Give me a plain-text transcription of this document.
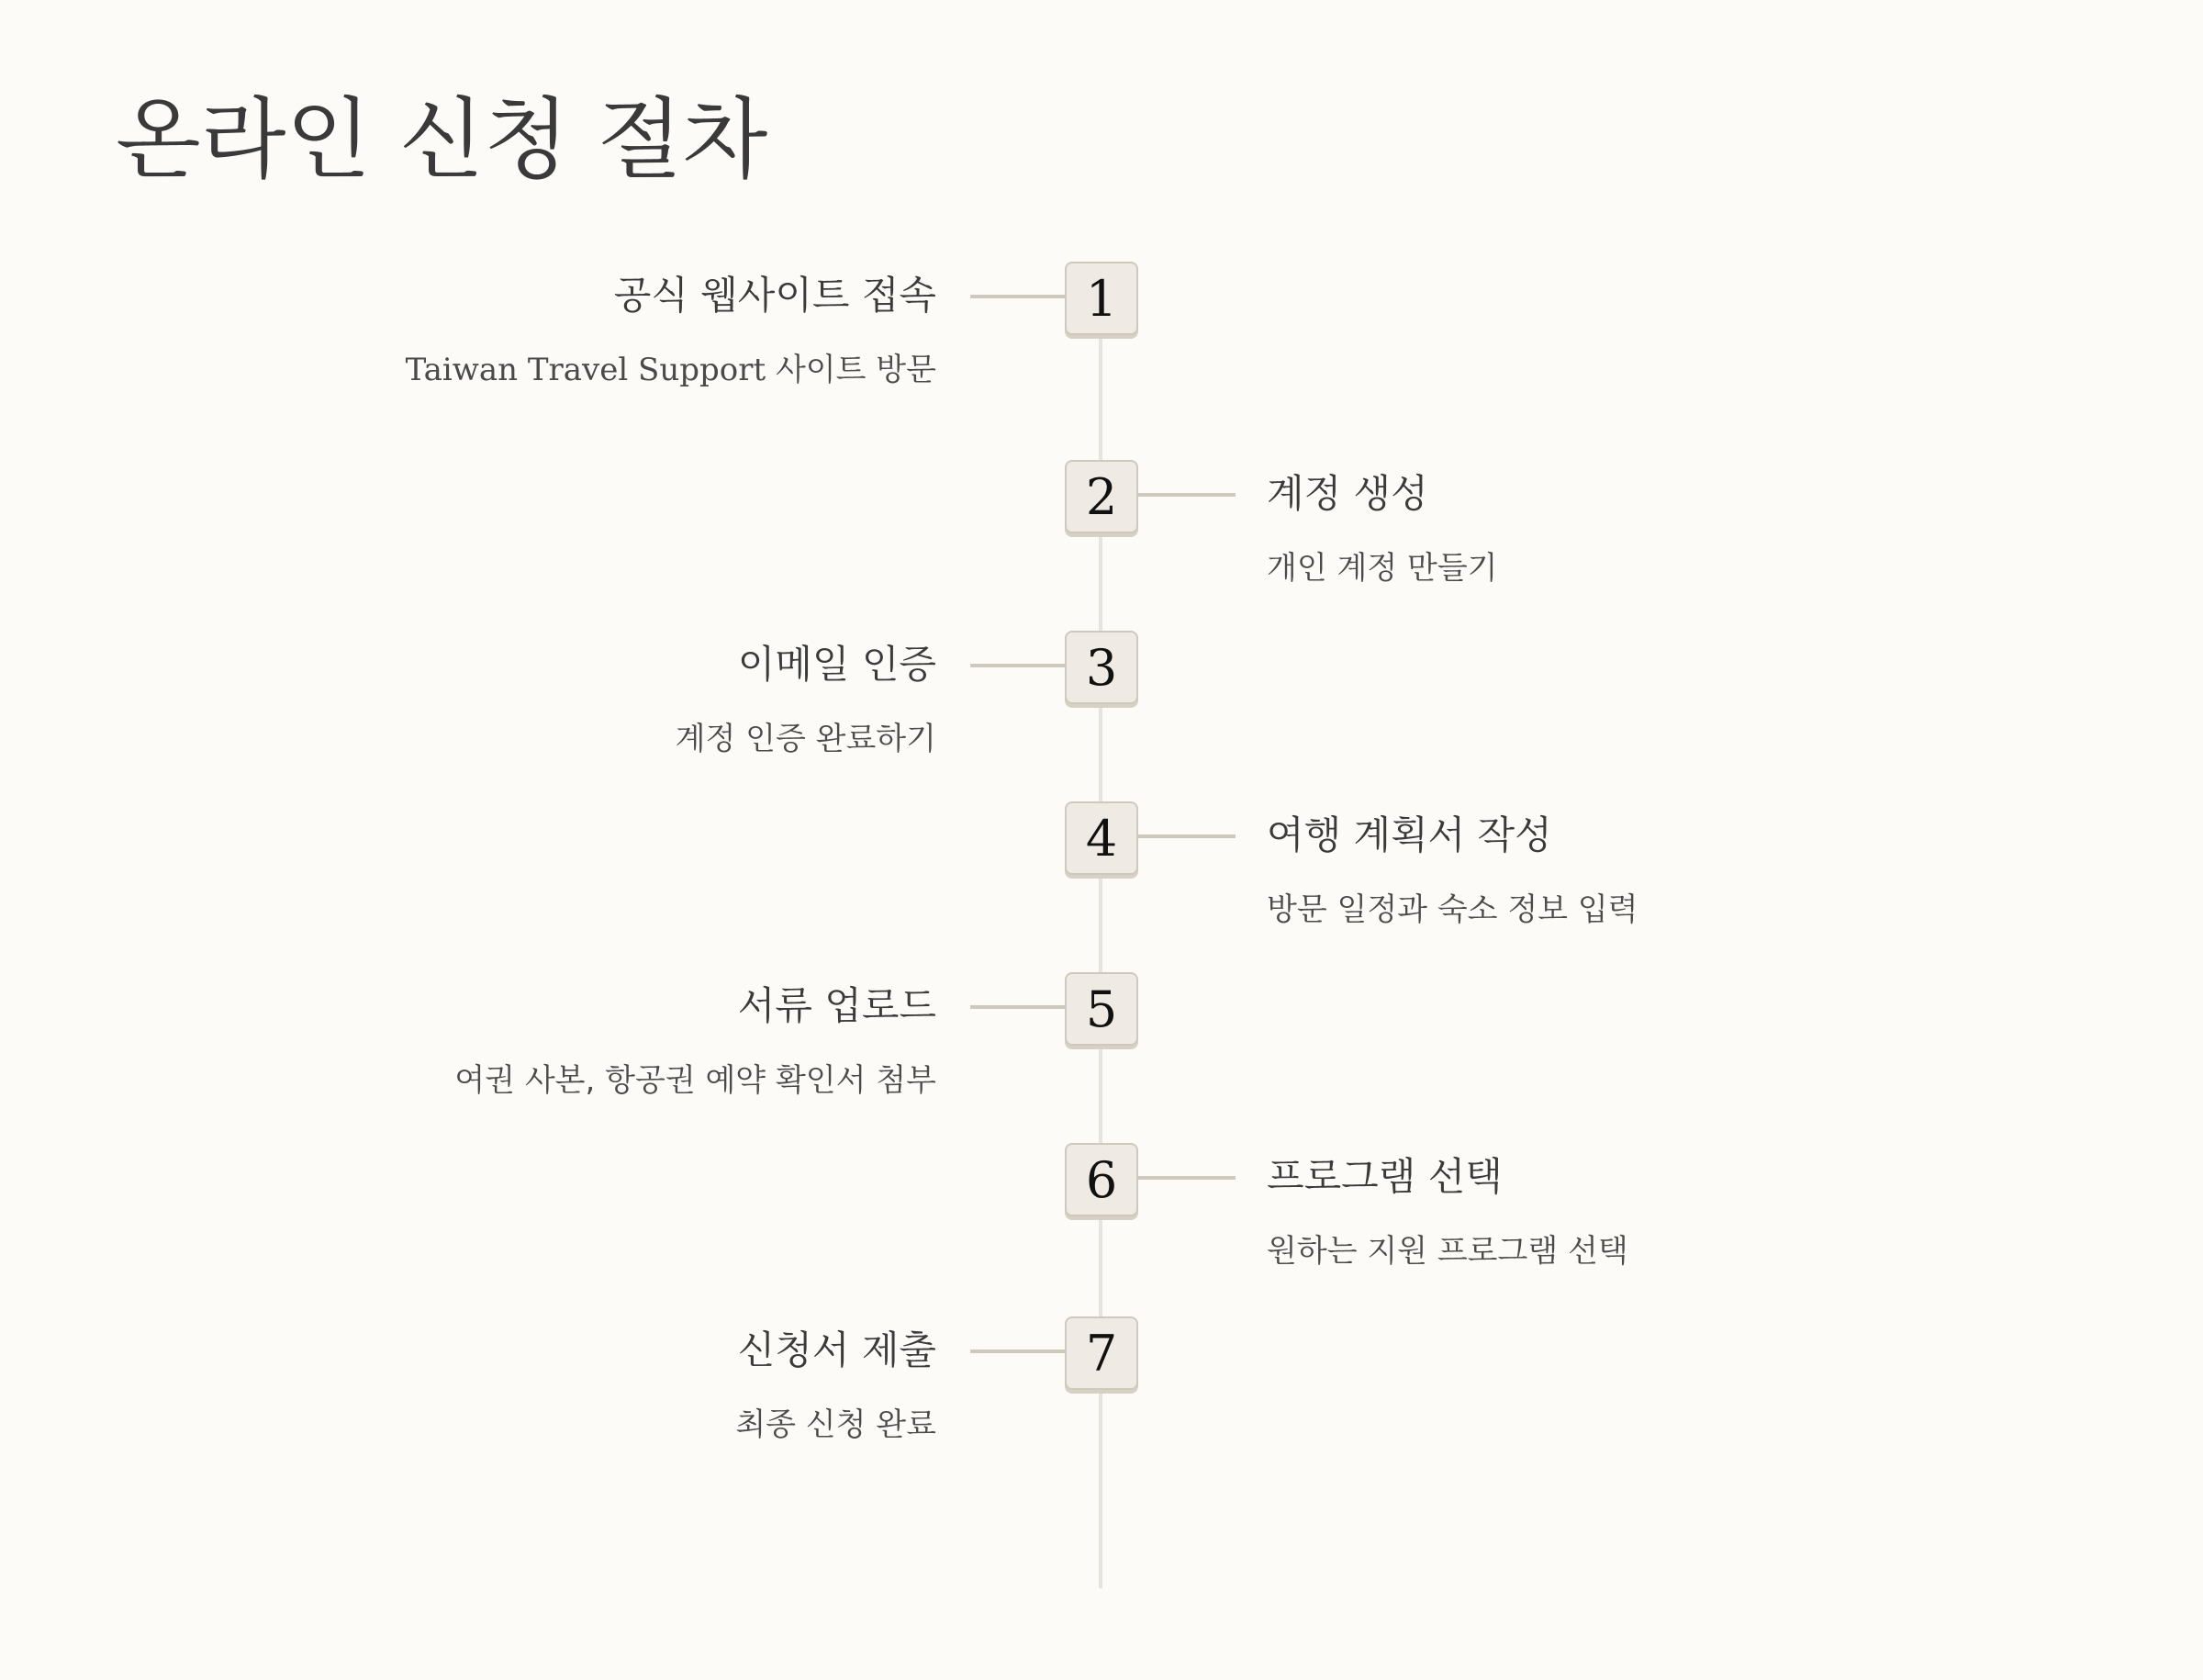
온라인 신청 절차
1
공식 웹사이트 접속
Taiwan Travel Support 사이트 방문
2	계정 생성
개인 계정 만들기
3
이메일 인증
계정 인증 완료하기
4	여행 계획서 작성
방문 일정과 숙소 정보 입력
5
서류 업로드
여권 사본, 항공권 예약 확인서 첨부
6	프로그램 선택
원하는 지원 프로그램 선택
7
신청서 제출
최종 신청 완료
